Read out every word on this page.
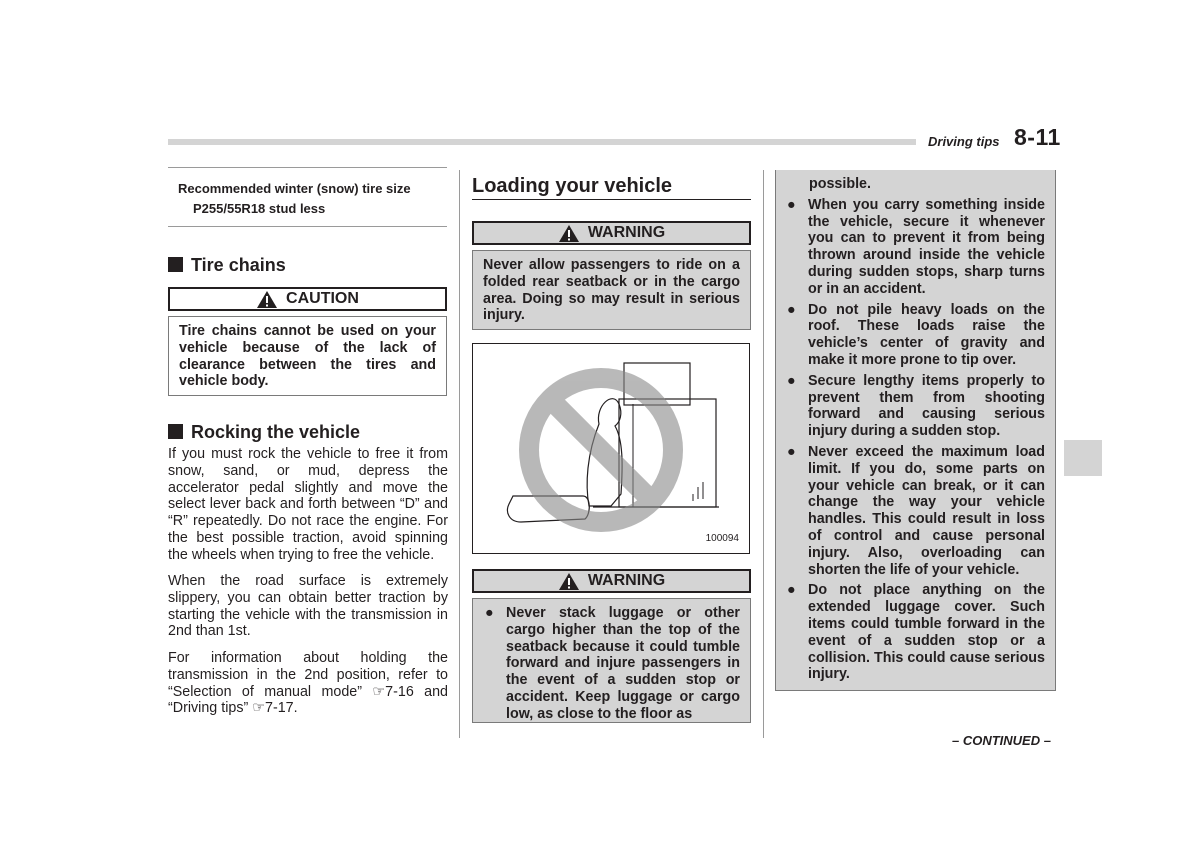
Driving tips 8-11
Recommended winter (snow) tire size
P255/55R18 stud less
Tire chains
CAUTION
Tire chains cannot be used on your vehicle because of the lack of clearance between the tires and vehicle body.
Rocking the vehicle
If you must rock the vehicle to free it from snow, sand, or mud, depress the accelerator pedal slightly and move the select lever back and forth between “D” and “R” repeatedly. Do not race the engine. For the best possible traction, avoid spinning the wheels when trying to free the vehicle.
When the road surface is extremely slippery, you can obtain better traction by starting the vehicle with the transmission in 2nd than 1st.
For information about holding the transmission in the 2nd position, refer to “Selection of manual mode” ☞7-16 and “Driving tips” ☞7-17.
Loading your vehicle
WARNING
Never allow passengers to ride on a folded rear seatback or in the cargo area. Doing so may result in serious injury.
100094
WARNING
● Never stack luggage or other cargo higher than the top of the seatback because it could tumble forward and injure passengers in the event of a sudden stop or accident. Keep luggage or cargo low, as close to the floor as
possible.
● When you carry something inside the vehicle, secure it whenever you can to prevent it from being thrown around inside the vehicle during sudden stops, sharp turns or in an accident.
● Do not pile heavy loads on the roof. These loads raise the vehicle’s center of gravity and make it more prone to tip over.
● Secure lengthy items properly to prevent them from shooting forward and causing serious injury during a sudden stop.
● Never exceed the maximum load limit. If you do, some parts on your vehicle can break, or it can change the way your vehicle handles. This could result in loss of control and cause personal injury. Also, overloading can shorten the life of your vehicle.
● Do not place anything on the extended luggage cover. Such items could tumble forward in the event of a sudden stop or a collision. This could cause serious injury.
– CONTINUED –
